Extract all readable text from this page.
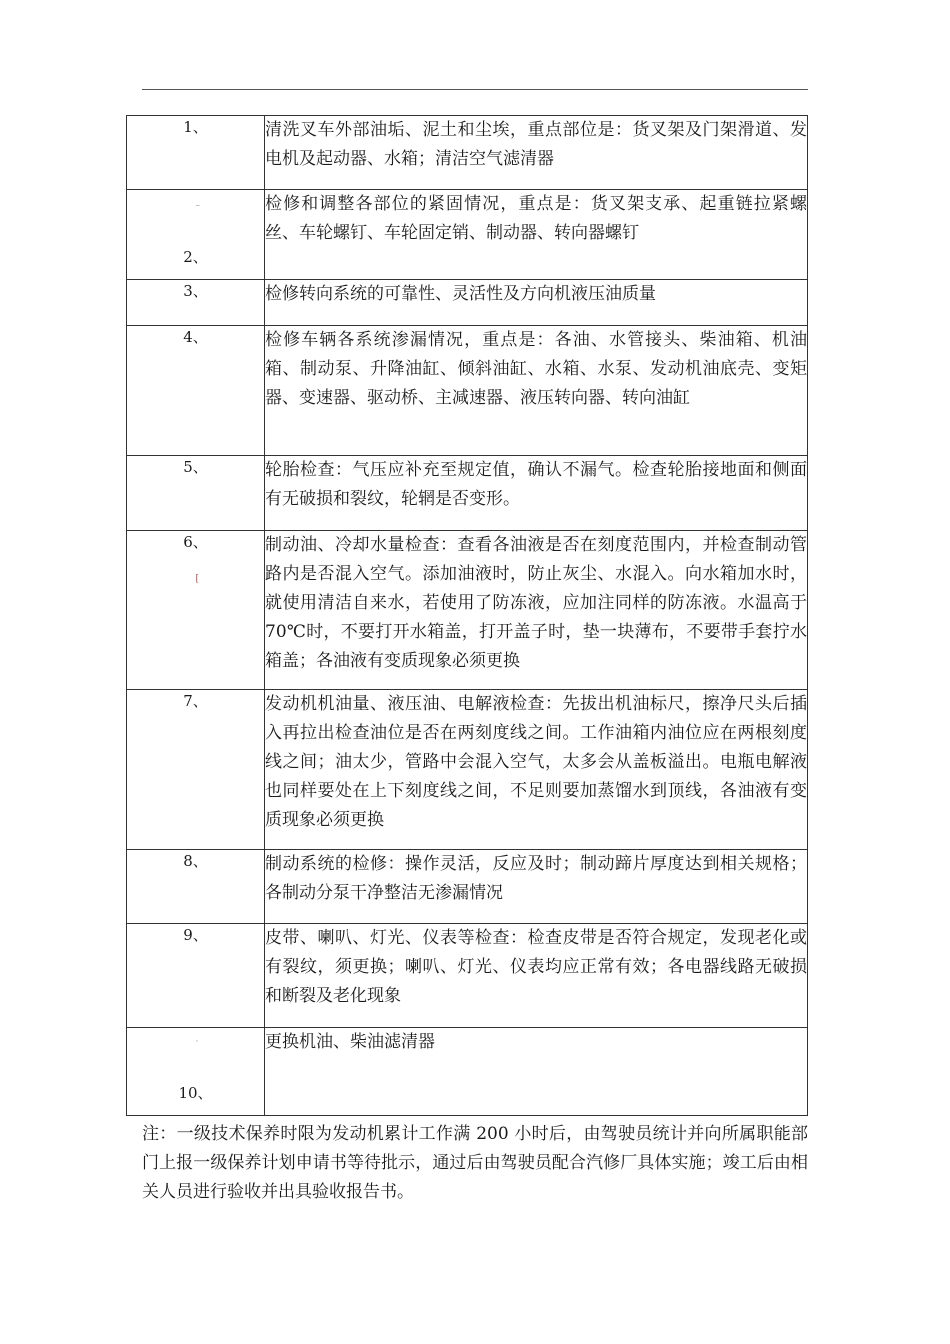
1、	清洗叉车外部油垢、泥土和尘埃，重点部位是：货叉架及门架滑道、发电机及起动器、水箱；清洁空气滤清器

–
2、	检修和调整各部位的紧固情况，重点是：货叉架支承、起重链拉紧螺丝、车轮螺钉、车轮固定销、制动器、转向器螺钉
3、	检修转向系统的可靠性、灵活性及方向机液压油质量
4、	检修车辆各系统渗漏情况，重点是：各油、水管接头、柴油箱、机油箱、制动泵、升降油缸、倾斜油缸、水箱、水泵、发动机油底壳、变矩器、变速器、驱动桥、主减速器、液压转向器、转向油缸
5、	轮胎检查：气压应补充至规定值，确认不漏气。检查轮胎接地面和侧面有无破损和裂纹，轮辋是否变形。

[
6、	制动油、冷却水量检查：查看各油液是否在刻度范围内，并检查制动管路内是否混入空气。添加油液时，防止灰尘、水混入。向水箱加水时，就使用清洁自来水，若使用了防冻液，应加注同样的防冻液。水温高于 70℃时，不要打开水箱盖，打开盖子时，垫一块薄布，不要带手套拧水箱盖；各油液有变质现象必须更换
7、	发动机机油量、液压油、电解液检查：先拔出机油标尺，擦净尺头后插入再拉出检查油位是否在两刻度线之间。工作油箱内油位应在两根刻度线之间；油太少，管路中会混入空气，太多会从盖板溢出。电瓶电解液也同样要处在上下刻度线之间，不足则要加蒸馏水到顶线，各油液有变质现象必须更换
8、	制动系统的检修：操作灵活，反应及时；制动蹄片厚度达到相关规格；各制动分泵干净整洁无渗漏情况
9、	皮带、喇叭、灯光、仪表等检查：检查皮带是否符合规定，发现老化或有裂纹，须更换；喇叭、灯光、仪表均应正常有效；各电器线路无破损和断裂及老化现象

·
10、	更换机油、柴油滤清器
注：一级技术保养时限为发动机累计工作满 200 小时后，由驾驶员统计并向所属职能部门上报一级保养计划申请书等待批示，通过后由驾驶员配合汽修厂具体实施；竣工后由相关人员进行验收并出具验收报告书。
